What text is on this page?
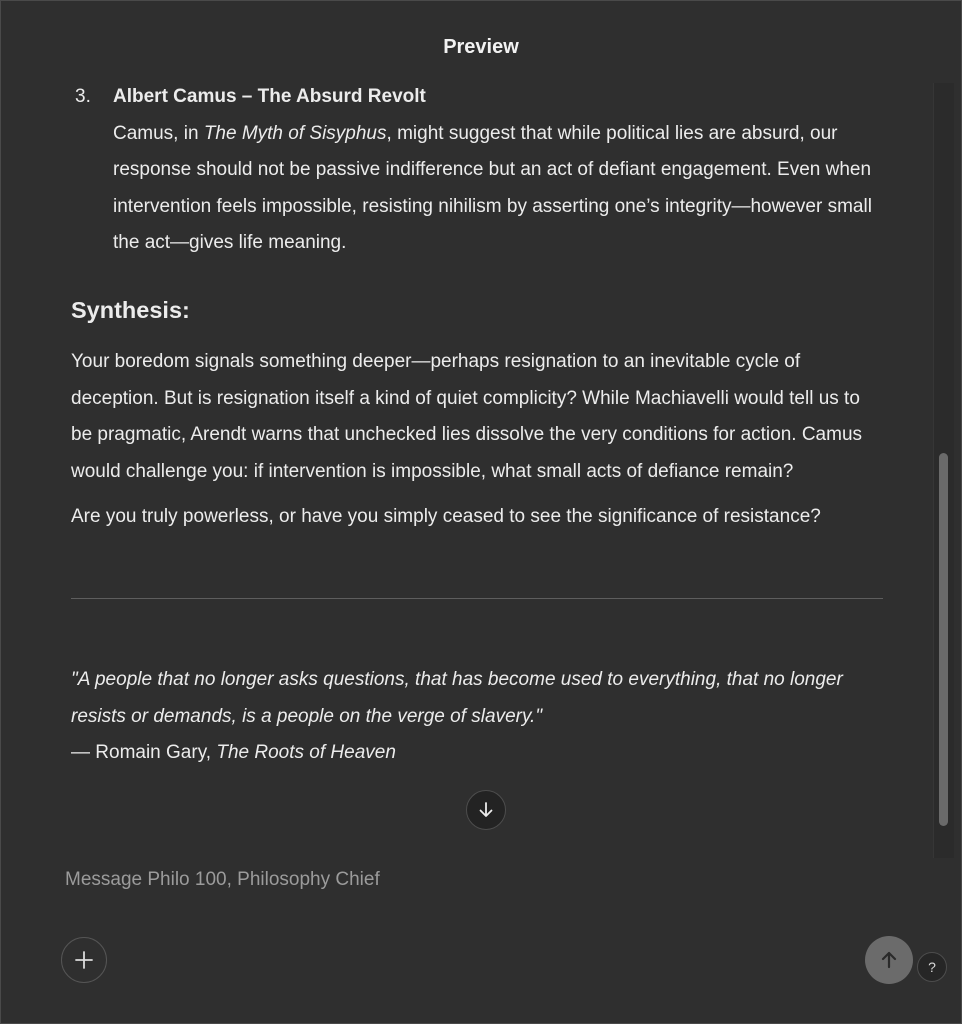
Preview
3. Albert Camus – The Absurd Revolt
Camus, in The Myth of Sisyphus, might suggest that while political lies are absurd, our response should not be passive indifference but an act of defiant engagement. Even when intervention feels impossible, resisting nihilism by asserting one’s integrity—however small the act—gives life meaning.
Synthesis:

Your boredom signals something deeper—perhaps resignation to an inevitable cycle of deception. But is resignation itself a kind of quiet complicity? While Machiavelli would tell us to be pragmatic, Arendt warns that unchecked lies dissolve the very conditions for action. Camus would challenge you: if intervention is impossible, what small acts of defiance remain?

Are you truly powerless, or have you simply ceased to see the significance of resistance?

"A people that no longer asks questions, that has become used to everything, that no longer resists or demands, is a people on the verge of slavery."
— Romain Gary, The Roots of Heaven
Message Philo 100, Philosophy Chief
?
